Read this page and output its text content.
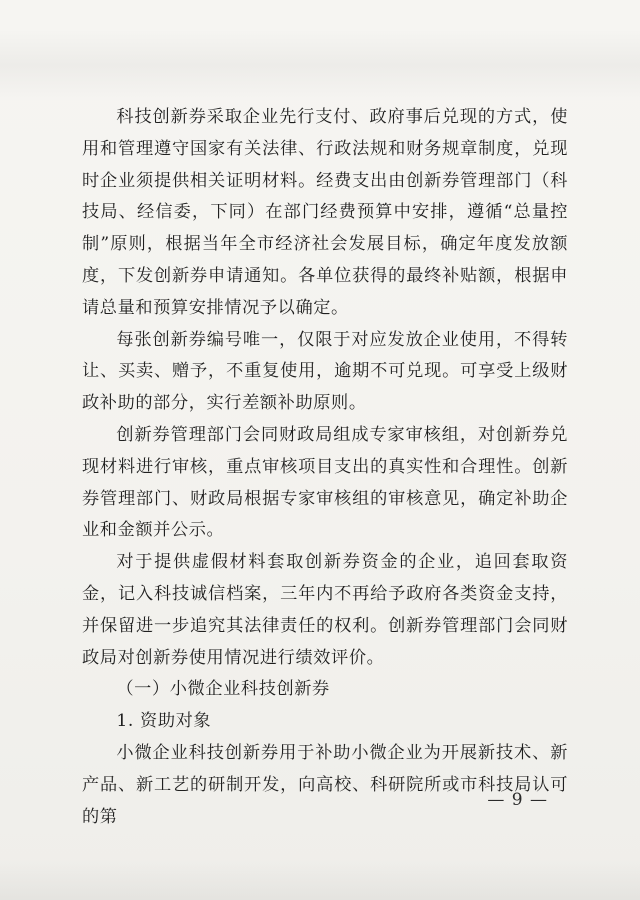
科技创新券采取企业先行支付、政府事后兑现的方式，使用和管理遵守国家有关法律、行政法规和财务规章制度，兑现时企业须提供相关证明材料。经费支出由创新券管理部门（科技局、经信委，下同）在部门经费预算中安排，遵循“总量控制”原则，根据当年全市经济社会发展目标，确定年度发放额度，下发创新券申请通知。各单位获得的最终补贴额，根据申请总量和预算安排情况予以确定。

每张创新券编号唯一，仅限于对应发放企业使用，不得转让、买卖、赠予，不重复使用，逾期不可兑现。可享受上级财政补助的部分，实行差额补助原则。

创新券管理部门会同财政局组成专家审核组，对创新券兑现材料进行审核，重点审核项目支出的真实性和合理性。创新券管理部门、财政局根据专家审核组的审核意见，确定补助企业和金额并公示。

对于提供虚假材料套取创新券资金的企业，追回套取资金，记入科技诚信档案，三年内不再给予政府各类资金支持，并保留进一步追究其法律责任的权利。创新券管理部门会同财政局对创新券使用情况进行绩效评价。

（一）小微企业科技创新券

1. 资助对象

小微企业科技创新券用于补助小微企业为开展新技术、新产品、新工艺的研制开发，向高校、科研院所或市科技局认可的第

— 9 —
